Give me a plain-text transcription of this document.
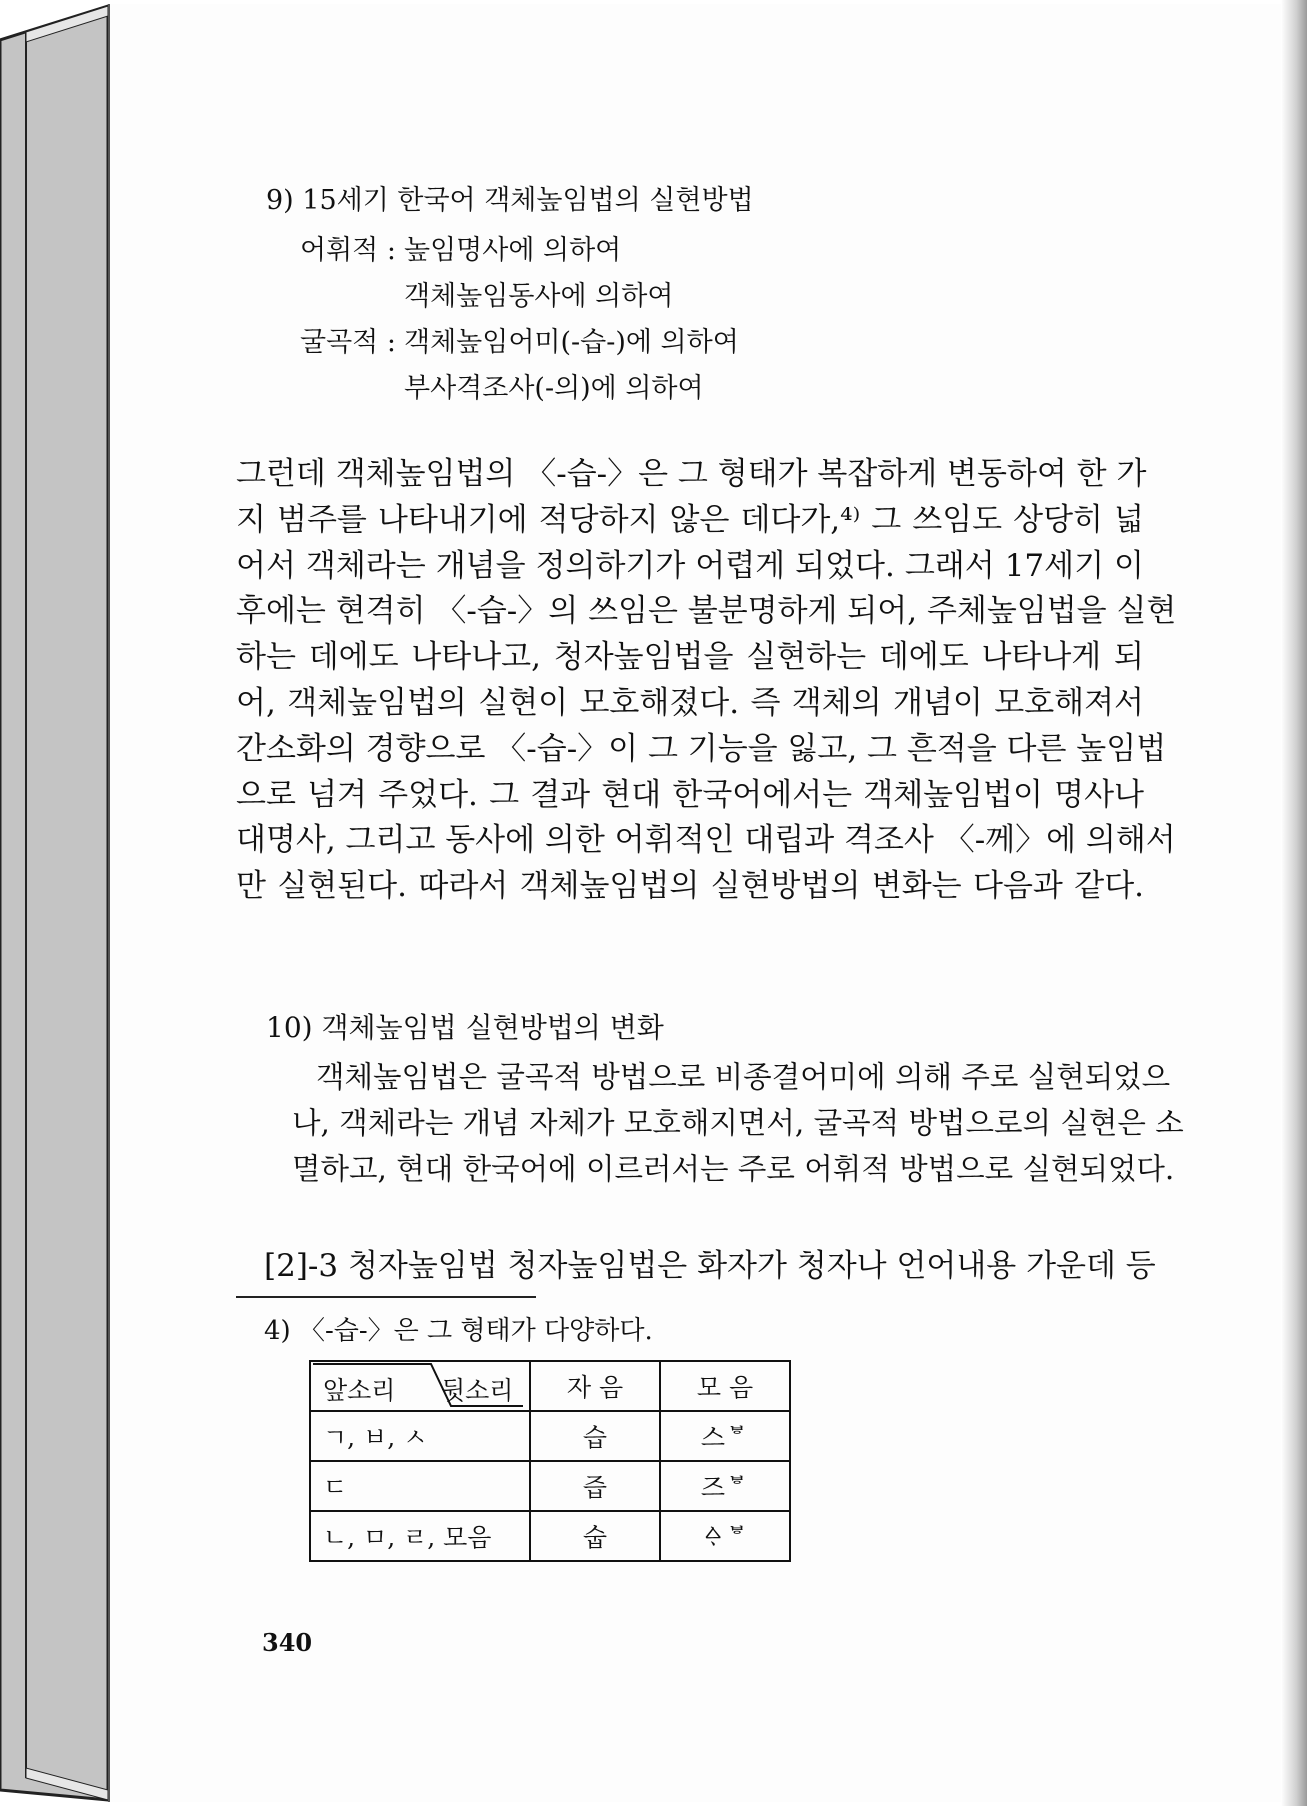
9) 15세기 한국어 객체높임법의 실현방법
어휘적 : 높임명사에 의하여
객체높임동사에 의하여
굴곡적 : 객체높임어미(-습-)에 의하여
부사격조사(-의)에 의하여
그런데 객체높임법의 〈-습-〉은 그 형태가 복잡하게 변동하여 한 가
지 범주를 나타내기에 적당하지 않은 데다가,⁴⁾ 그 쓰임도 상당히 넓
어서 객체라는 개념을 정의하기가 어렵게 되었다. 그래서 17세기 이
후에는 현격히 〈-습-〉의 쓰임은 불분명하게 되어, 주체높임법을 실현
하는 데에도 나타나고, 청자높임법을 실현하는 데에도 나타나게 되
어, 객체높임법의 실현이 모호해졌다. 즉 객체의 개념이 모호해져서
간소화의 경향으로 〈-습-〉이 그 기능을 잃고, 그 흔적을 다른 높임법
으로 넘겨 주었다. 그 결과 현대 한국어에서는 객체높임법이 명사나
대명사, 그리고 동사에 의한 어휘적인 대립과 격조사 〈-께〉에 의해서
만 실현된다. 따라서 객체높임법의 실현방법의 변화는 다음과 같다.
10) 객체높임법 실현방법의 변화
객체높임법은 굴곡적 방법으로 비종결어미에 의해 주로 실현되었으
나, 객체라는 개념 자체가 모호해지면서, 굴곡적 방법으로의 실현은 소
멸하고, 현대 한국어에 이르러서는 주로 어휘적 방법으로 실현되었다.
[2]-3 청자높임법 청자높임법은 화자가 청자나 언어내용 가운데 등
4) 〈-습-〉은 그 형태가 다양하다.
앞소리 뒷소리	자 음	모 음
ㄱ, ㅂ, ㅅ	습	스ᄫ
ㄷ	즙	즈ᄫ
ㄴ, ㅁ, ㄹ, 모음	숩	ᅀᆞᄫ
340
